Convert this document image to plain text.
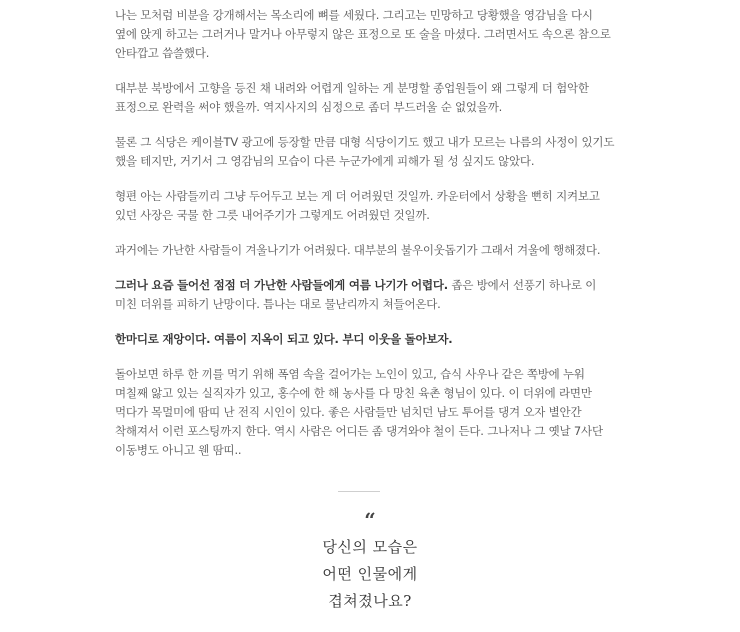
나는 모처럼 비분을 강개해서는 목소리에 뼈를 세웠다. 그리고는 민망하고 당황했을 영감님을 다시 옆에 앉게 하고는 그러거나 말거나 아무렇지 않은 표정으로 또 술을 마셨다. 그러면서도 속으론 참으로 안타깝고 씁쓸했다.

대부분 북방에서 고향을 등진 채 내려와 어렵게 일하는 게 분명할 종업원들이 왜 그렇게 더 험악한 표정으로 완력을 써야 했을까. 역지사지의 심정으로 좀더 부드러울 순 없었을까.

물론 그 식당은 케이블TV 광고에 등장할 만큼 대형 식당이기도 했고 내가 모르는 나름의 사정이 있기도 했을 테지만, 거기서 그 영감님의 모습이 다른 누군가에게 피해가 될 성 싶지도 않았다.

형편 아는 사람들끼리 그냥 두어두고 보는 게 더 어려웠던 것일까. 카운터에서 상황을 뻔히 지켜보고 있던 사장은 국물 한 그릇 내어주기가 그렇게도 어려웠던 것일까.

과거에는 가난한 사람들이 겨울나기가 어려웠다. 대부분의 불우이웃돕기가 그래서 겨울에 행해졌다.

그러나 요즘 들어선 점점 더 가난한 사람들에게 여름 나기가 어렵다. 좁은 방에서 선풍기 하나로 이 미친 더위를 피하기 난망이다. 틈나는 대로 물난리까지 쳐들어온다.

한마디로 재앙이다. 여름이 지옥이 되고 있다. 부디 이웃을 돌아보자.

돌아보면 하루 한 끼를 먹기 위해 폭염 속을 걸어가는 노인이 있고, 습식 사우나 같은 쪽방에 누워 며칠째 앓고 있는 실직자가 있고, 홍수에 한 해 농사를 다 망친 육촌 형님이 있다. 이 더위에 라면만 먹다가 목멀미에 땀띠 난 전직 시인이 있다. 좋은 사람들만 넘치던 남도 투어를 댕겨 오자 별안간 착해져서 이런 포스팅까지 한다. 역시 사람은 어디든 좀 댕겨와야 철이 든다. 그나저나 그 옛날 7사단 이동병도 아니고 웬 땀띠..

“
당신의 모습은
어떤 인물에게
겹쳐졌나요?
